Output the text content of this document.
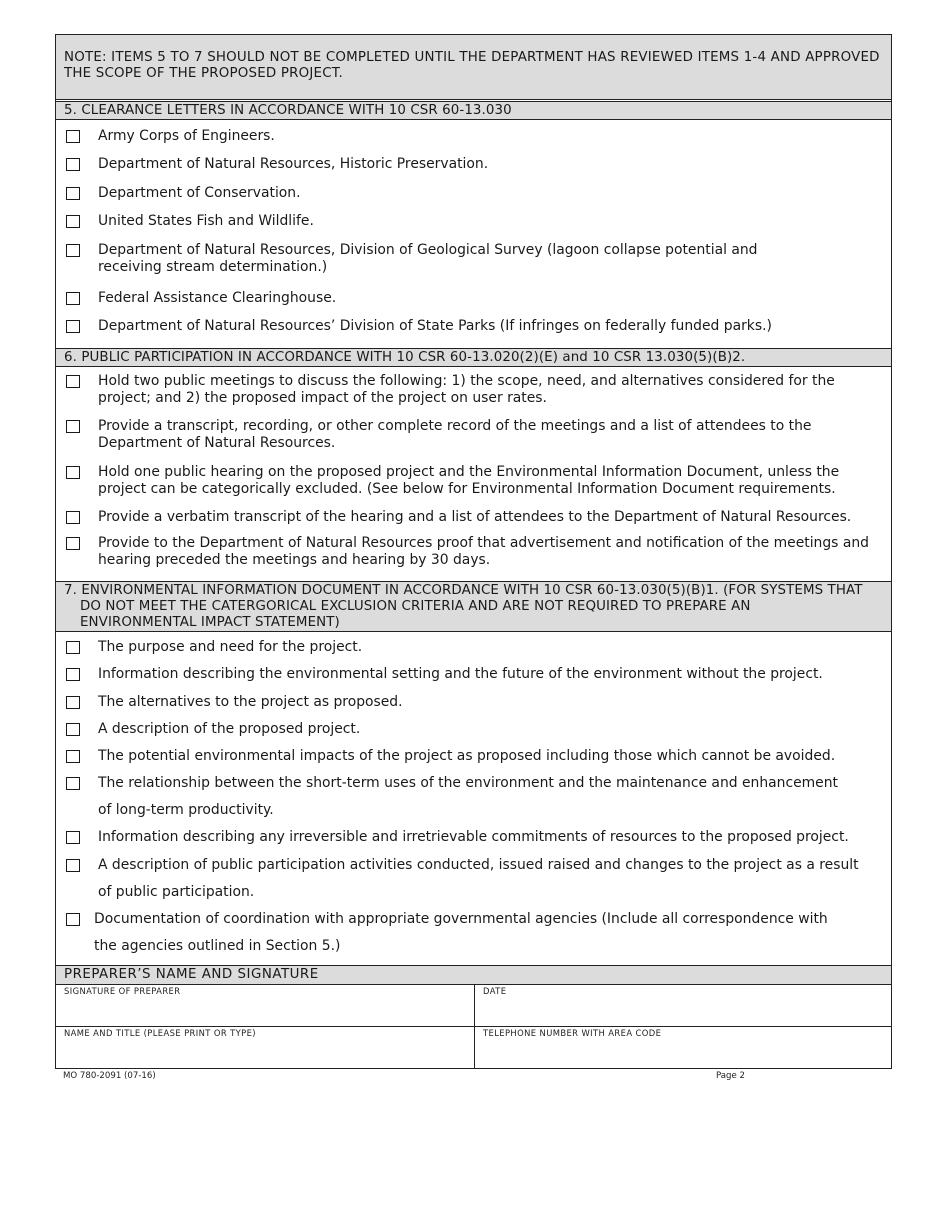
NOTE: ITEMS 5 TO 7 SHOULD NOT BE COMPLETED UNTIL THE DEPARTMENT HAS REVIEWED ITEMS 1-4 AND APPROVED THE SCOPE OF THE PROPOSED PROJECT.
5. CLEARANCE LETTERS IN ACCORDANCE WITH 10 CSR 60-13.030
Army Corps of Engineers.
Department of Natural Resources, Historic Preservation.
Department of Conservation.
United States Fish and Wildlife.
Department of Natural Resources, Division of Geological Survey (lagoon collapse potential and receiving stream determination.)
Federal Assistance Clearinghouse.
Department of Natural Resources’ Division of State Parks (If infringes on federally funded parks.)
6. PUBLIC PARTICIPATION IN ACCORDANCE WITH 10 CSR 60-13.020(2)(E) and 10 CSR 13.030(5)(B)2.
Hold two public meetings to discuss the following: 1) the scope, need, and alternatives considered for the project; and 2) the proposed impact of the project on user rates.
Provide a transcript, recording, or other complete record of the meetings and a list of attendees to the Department of Natural Resources.
Hold one public hearing on the proposed project and the Environmental Information Document, unless the project can be categorically excluded. (See below for Environmental Information Document requirements.
Provide a verbatim transcript of the hearing and a list of attendees to the Department of Natural Resources.
Provide to the Department of Natural Resources proof that advertisement and notification of the meetings and hearing preceded the meetings and hearing by 30 days.
7. ENVIRONMENTAL INFORMATION DOCUMENT IN ACCORDANCE WITH 10 CSR 60-13.030(5)(B)1. (FOR SYSTEMS THAT
DO NOT MEET THE CATERGORICAL EXCLUSION CRITERIA AND ARE NOT REQUIRED TO PREPARE AN
ENVIRONMENTAL IMPACT STATEMENT)
The purpose and need for the project.
Information describing the environmental setting and the future of the environment without the project.
The alternatives to the project as proposed.
A description of the proposed project.
The potential environmental impacts of the project as proposed including those which cannot be avoided.
The relationship between the short-term uses of the environment and the maintenance and enhancement of long-term productivity.
Information describing any irreversible and irretrievable commitments of resources to the proposed project.
A description of public participation activities conducted, issued raised and changes to the project as a result of public participation.
Documentation of coordination with appropriate governmental agencies (Include all correspondence with the agencies outlined in Section 5.)
PREPARER’S NAME AND SIGNATURE
SIGNATURE OF PREPARER	DATE
NAME AND TITLE (PLEASE PRINT OR TYPE)	TELEPHONE NUMBER WITH AREA CODE
MO 780-2091 (07-16)	Page 2
